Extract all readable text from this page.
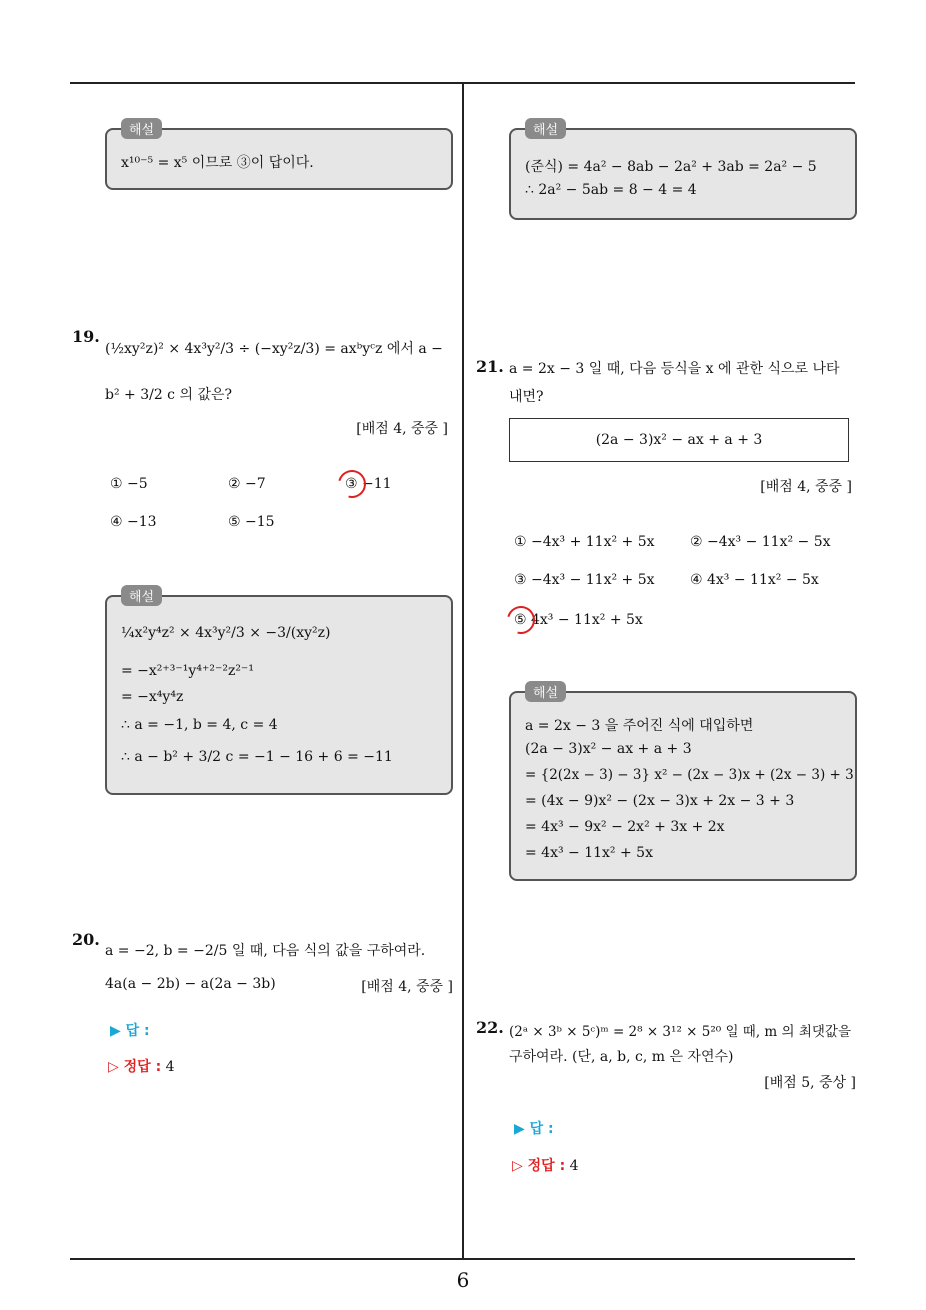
해설
x¹⁰⁻⁵ = x⁵ 이므로 ③이 답이다.
19.
(½xy²z)² × 4x³y²/3 ÷ (−xy²z/3) = axᵇyᶜz 에서 a −
b² + 3/2 c 의 값은?
[배점 4, 중중 ]
① −5	② −7	③ −11
④ −13	⑤ −15
해설
¼x²y⁴z² × 4x³y²/3 × −3/(xy²z)
= −x²⁺³⁻¹y⁴⁺²⁻²z²⁻¹
= −x⁴y⁴z
∴ a = −1, b = 4, c = 4
∴ a − b² + 3/2 c = −1 − 16 + 6 = −11
20.
a = −2, b = −2/5 일 때, 다음 식의 값을 구하여라.
4a(a − 2b) − a(2a − 3b)	[배점 4, 중중 ]
▶ 답 :
▷ 정답 : 4
해설
(준식) = 4a² − 8ab − 2a² + 3ab = 2a² − 5
∴ 2a² − 5ab = 8 − 4 = 4
21. a = 2x − 3 일 때, 다음 등식을 x 에 관한 식으로 나타
내면?
(2a − 3)x² − ax + a + 3
[배점 4, 중중 ]
① −4x³ + 11x² + 5x	② −4x³ − 11x² − 5x
③ −4x³ − 11x² + 5x	④ 4x³ − 11x² − 5x
⑤ 4x³ − 11x² + 5x
해설
a = 2x − 3 을 주어진 식에 대입하면
(2a − 3)x² − ax + a + 3
= {2(2x − 3) − 3} x² − (2x − 3)x + (2x − 3) + 3
= (4x − 9)x² − (2x − 3)x + 2x − 3 + 3
= 4x³ − 9x² − 2x² + 3x + 2x
= 4x³ − 11x² + 5x
22. (2ᵃ × 3ᵇ × 5ᶜ)ᵐ = 2⁸ × 3¹² × 5²⁰ 일 때, m 의 최댓값을
구하여라. (단, a, b, c, m 은 자연수)
[배점 5, 중상 ]
▶ 답 :
▷ 정답 : 4
6
